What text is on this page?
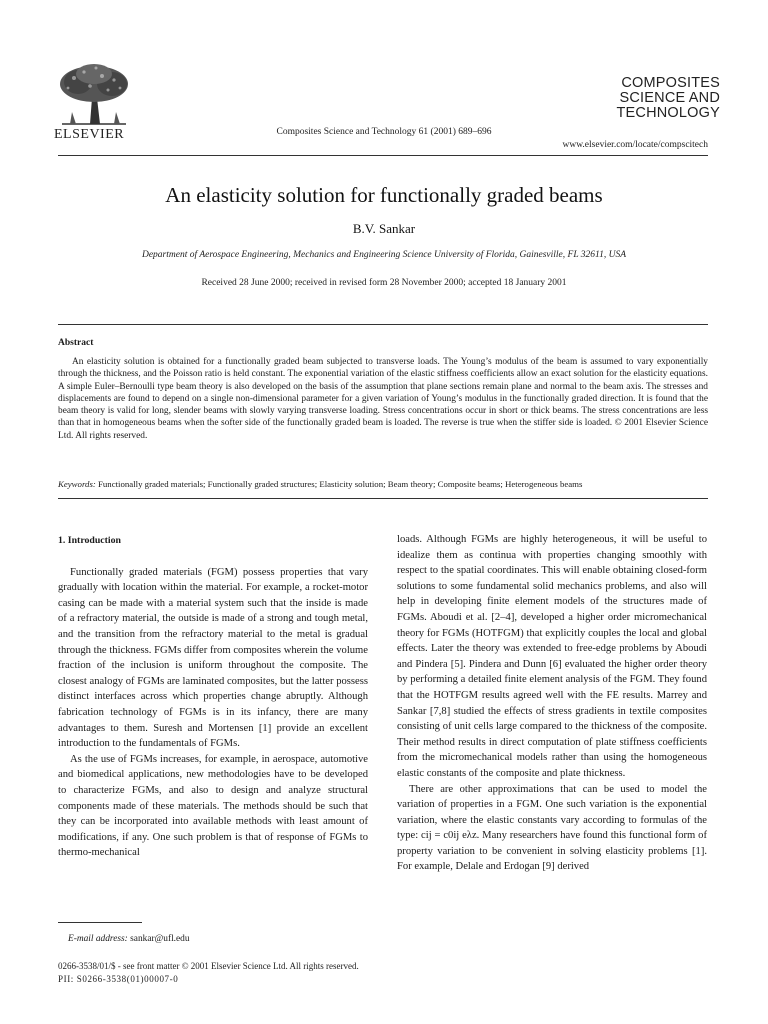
ELSEVIER	Composites Science and Technology 61 (2001) 689–696
COMPOSITES
SCIENCE AND
TECHNOLOGY
www.elsevier.com/locate/compscitech
An elasticity solution for functionally graded beams
B.V. Sankar
Department of Aerospace Engineering, Mechanics and Engineering Science University of Florida, Gainesville, FL 32611, USA
Received 28 June 2000; received in revised form 28 November 2000; accepted 18 January 2001
Abstract
An elasticity solution is obtained for a functionally graded beam subjected to transverse loads. The Young’s modulus of the beam is assumed to vary exponentially through the thickness, and the Poisson ratio is held constant. The exponential variation of the elastic stiffness coefficients allow an exact solution for the elasticity equations. A simple Euler–Bernoulli type beam theory is also developed on the basis of the assumption that plane sections remain plane and normal to the beam axis. The stresses and displacements are found to depend on a single non-dimensional parameter for a given variation of Young’s modulus in the functionally graded direction. It is found that the beam theory is valid for long, slender beams with slowly varying transverse loading. Stress concentrations occur in short or thick beams. The stress concentrations are less than that in homogeneous beams when the softer side of the functionally graded beam is loaded. The reverse is true when the stiffer side is loaded. © 2001 Elsevier Science Ltd. All rights reserved.
Keywords: Functionally graded materials; Functionally graded structures; Elasticity solution; Beam theory; Composite beams; Heterogeneous beams

1. Introduction

Functionally graded materials (FGM) possess properties that vary gradually with location within the material. For example, a rocket-motor casing can be made with a material system such that the inside is made of a refractory material, the outside is made of a strong and tough metal, and the transition from the refractory material to the metal is gradual through the thickness. FGMs differ from composites wherein the volume fraction of the inclusion is uniform throughout the composite. The closest analogy of FGMs are laminated composites, but the latter possess distinct interfaces across which properties change abruptly. Although fabrication technology of FGMs is in its infancy, there are many advantages to them. Suresh and Mortensen [1] provide an excellent introduction to the fundamentals of FGMs.

As the use of FGMs increases, for example, in aerospace, automotive and biomedical applications, new methodologies have to be developed to characterize FGMs, and also to design and analyze structural components made of these materials. The methods should be such that they can be incorporated into available methods with least amount of modifications, if any. One such problem is that of response of FGMs to thermo-mechanical

loads. Although FGMs are highly heterogeneous, it will be useful to idealize them as continua with properties changing smoothly with respect to the spatial coordinates. This will enable obtaining closed-form solutions to some fundamental solid mechanics problems, and also will help in developing finite element models of the structures made of FGMs. Aboudi et al. [2–4], developed a higher order micromechanical theory for FGMs (HOTFGM) that explicitly couples the local and global effects. Later the theory was extended to free-edge problems by Aboudi and Pindera [5]. Pindera and Dunn [6] evaluated the higher order theory by performing a detailed finite element analysis of the FGM. They found that the HOTFGM results agreed well with the FE results. Marrey and Sankar [7,8] studied the effects of stress gradients in textile composites consisting of unit cells large compared to the thickness of the composite. Their method results in direct computation of plate stiffness coefficients from the micromechanical models rather than using the homogeneous elastic constants of the composite and plate thickness.

There are other approximations that can be used to model the variation of properties in a FGM. One such variation is the exponential variation, where the elastic constants vary according to formulas of the type: cij = c0ij eλz. Many researchers have found this functional form of property variation to be convenient in solving elasticity problems [1]. For example, Delale and Erdogan [9] derived

E-mail address: sankar@ufl.edu
0266-3538/01/$ - see front matter © 2001 Elsevier Science Ltd. All rights reserved.
PII: S0266-3538(01)00007-0
